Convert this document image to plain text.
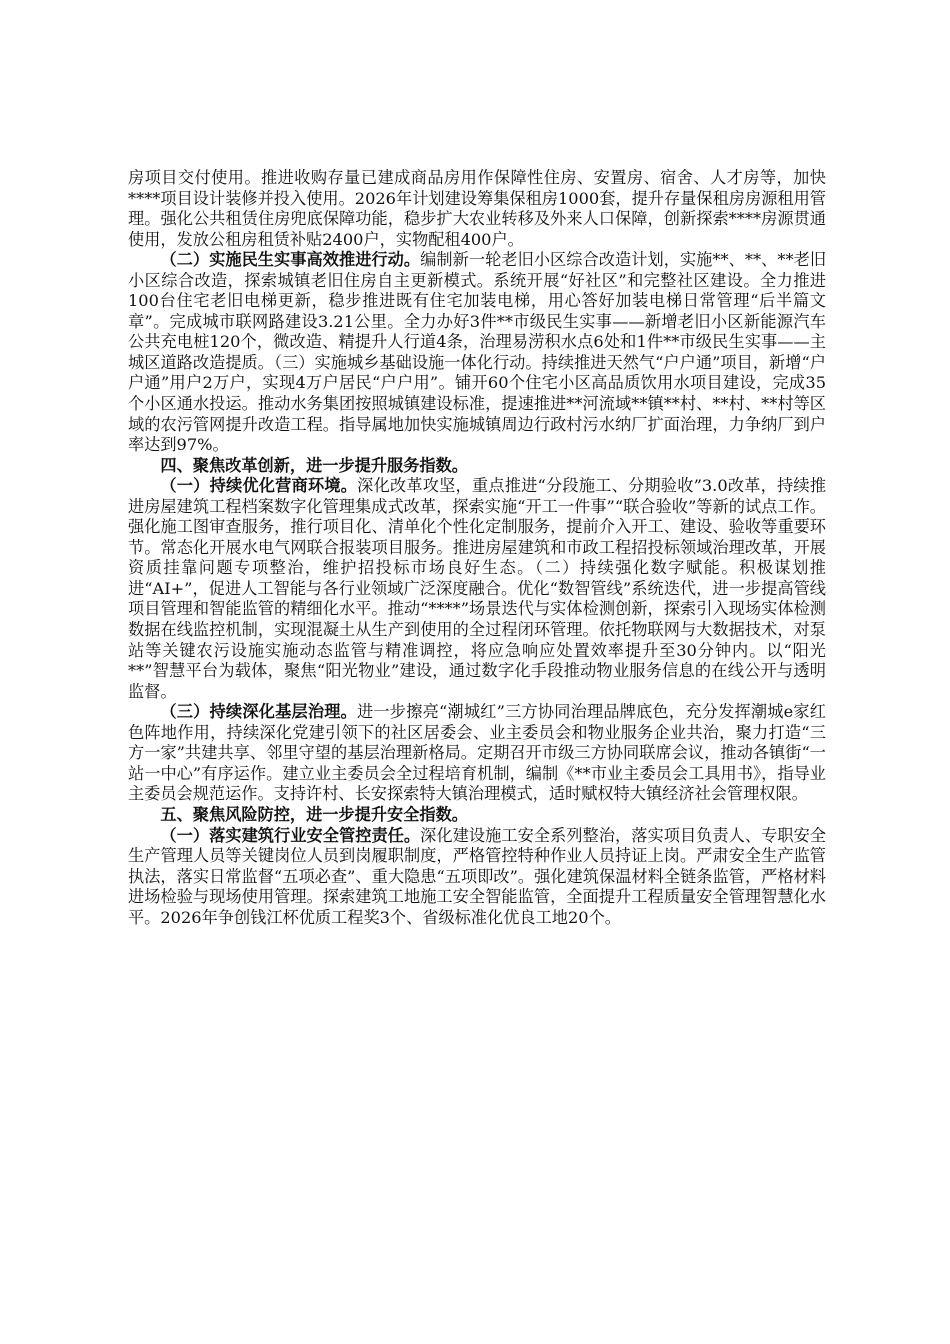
房项目交付使用。推进收购存量已建成商品房用作保障性住房、安置房、宿舍、人才房等，加快****项目设计装修并投入使用。2026年计划建设筹集保租房1000套，提升存量保租房房源租用管理。强化公共租赁住房兜底保障功能，稳步扩大农业转移及外来人口保障，创新探索****房源贯通使用，发放公租房租赁补贴2400户，实物配租400户。

（二）实施民生实事高效推进行动。编制新一轮老旧小区综合改造计划，实施**、**、**老旧小区综合改造，探索城镇老旧住房自主更新模式。系统开展“好社区”和完整社区建设。全力推进100台住宅老旧电梯更新，稳步推进既有住宅加装电梯，用心答好加装电梯日常管理“后半篇文章”。完成城市联网路建设3.21公里。全力办好3件**市级民生实事——新增老旧小区新能源汽车公共充电桩120个，微改造、精提升人行道4条，治理易涝积水点6处和1件**市级民生实事——主城区道路改造提质。（三）实施城乡基础设施一体化行动。持续推进天然气“户户通”项目，新增“户户通”用户2万户，实现4万户居民“户户用”。铺开60个住宅小区高品质饮用水项目建设，完成35个小区通水投运。推动水务集团按照城镇建设标准，提速推进**河流域**镇**村、**村、**村等区域的农污管网提升改造工程。指导属地加快实施城镇周边行政村污水纳厂扩面治理，力争纳厂到户率达到97%。

四、聚焦改革创新，进一步提升服务指数。

（一）持续优化营商环境。深化改革攻坚，重点推进“分段施工、分期验收”3.0改革，持续推进房屋建筑工程档案数字化管理集成式改革，探索实施“开工一件事”“联合验收”等新的试点工作。强化施工图审查服务，推行项目化、清单化个性化定制服务，提前介入开工、建设、验收等重要环节。常态化开展水电气网联合报装项目服务。推进房屋建筑和市政工程招投标领域治理改革，开展资质挂靠问题专项整治，维护招投标市场良好生态。（二）持续强化数字赋能。积极谋划推进“AI+”，促进人工智能与各行业领域广泛深度融合。优化“数智管线”系统迭代，进一步提高管线项目管理和智能监管的精细化水平。推动“****”场景迭代与实体检测创新，探索引入现场实体检测数据在线监控机制，实现混凝土从生产到使用的全过程闭环管理。依托物联网与大数据技术，对泵站等关键农污设施实施动态监管与精准调控，将应急响应处置效率提升至30分钟内。以“阳光**”智慧平台为载体，聚焦“阳光物业”建设，通过数字化手段推动物业服务信息的在线公开与透明监督。

（三）持续深化基层治理。进一步擦亮“潮城红”三方协同治理品牌底色，充分发挥潮城e家红色阵地作用，持续深化党建引领下的社区居委会、业主委员会和物业服务企业共治，聚力打造“三方一家”共建共享、邻里守望的基层治理新格局。定期召开市级三方协同联席会议，推动各镇街“一站一中心”有序运作。建立业主委员会全过程培育机制，编制《**市业主委员会工具用书》，指导业主委员会规范运作。支持许村、长安探索特大镇治理模式，适时赋权特大镇经济社会管理权限。

五、聚焦风险防控，进一步提升安全指数。

（一）落实建筑行业安全管控责任。深化建设施工安全系列整治，落实项目负责人、专职安全生产管理人员等关键岗位人员到岗履职制度，严格管控特种作业人员持证上岗。严肃安全生产监管执法，落实日常监督“五项必查”、重大隐患“五项即改”。强化建筑保温材料全链条监管，严格材料进场检验与现场使用管理。探索建筑工地施工安全智能监管，全面提升工程质量安全管理智慧化水平。2026年争创钱江杯优质工程奖3个、省级标准化优良工地20个。
